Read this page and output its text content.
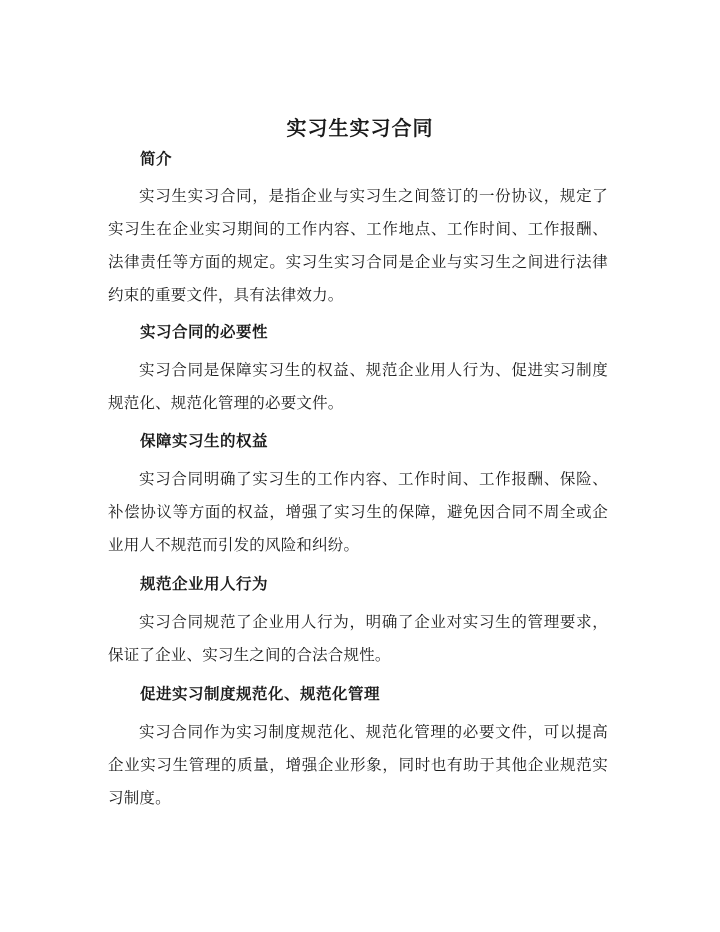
实习生实习合同
简介
实习生实习合同，是指企业与实习生之间签订的一份协议，规定了实习生在企业实习期间的工作内容、工作地点、工作时间、工作报酬、法律责任等方面的规定。实习生实习合同是企业与实习生之间进行法律约束的重要文件，具有法律效力。
实习合同的必要性
实习合同是保障实习生的权益、规范企业用人行为、促进实习制度规范化、规范化管理的必要文件。
保障实习生的权益
实习合同明确了实习生的工作内容、工作时间、工作报酬、保险、补偿协议等方面的权益，增强了实习生的保障，避免因合同不周全或企业用人不规范而引发的风险和纠纷。
规范企业用人行为
实习合同规范了企业用人行为，明确了企业对实习生的管理要求，保证了企业、实习生之间的合法合规性。
促进实习制度规范化、规范化管理
实习合同作为实习制度规范化、规范化管理的必要文件，可以提高企业实习生管理的质量，增强企业形象，同时也有助于其他企业规范实习制度。
